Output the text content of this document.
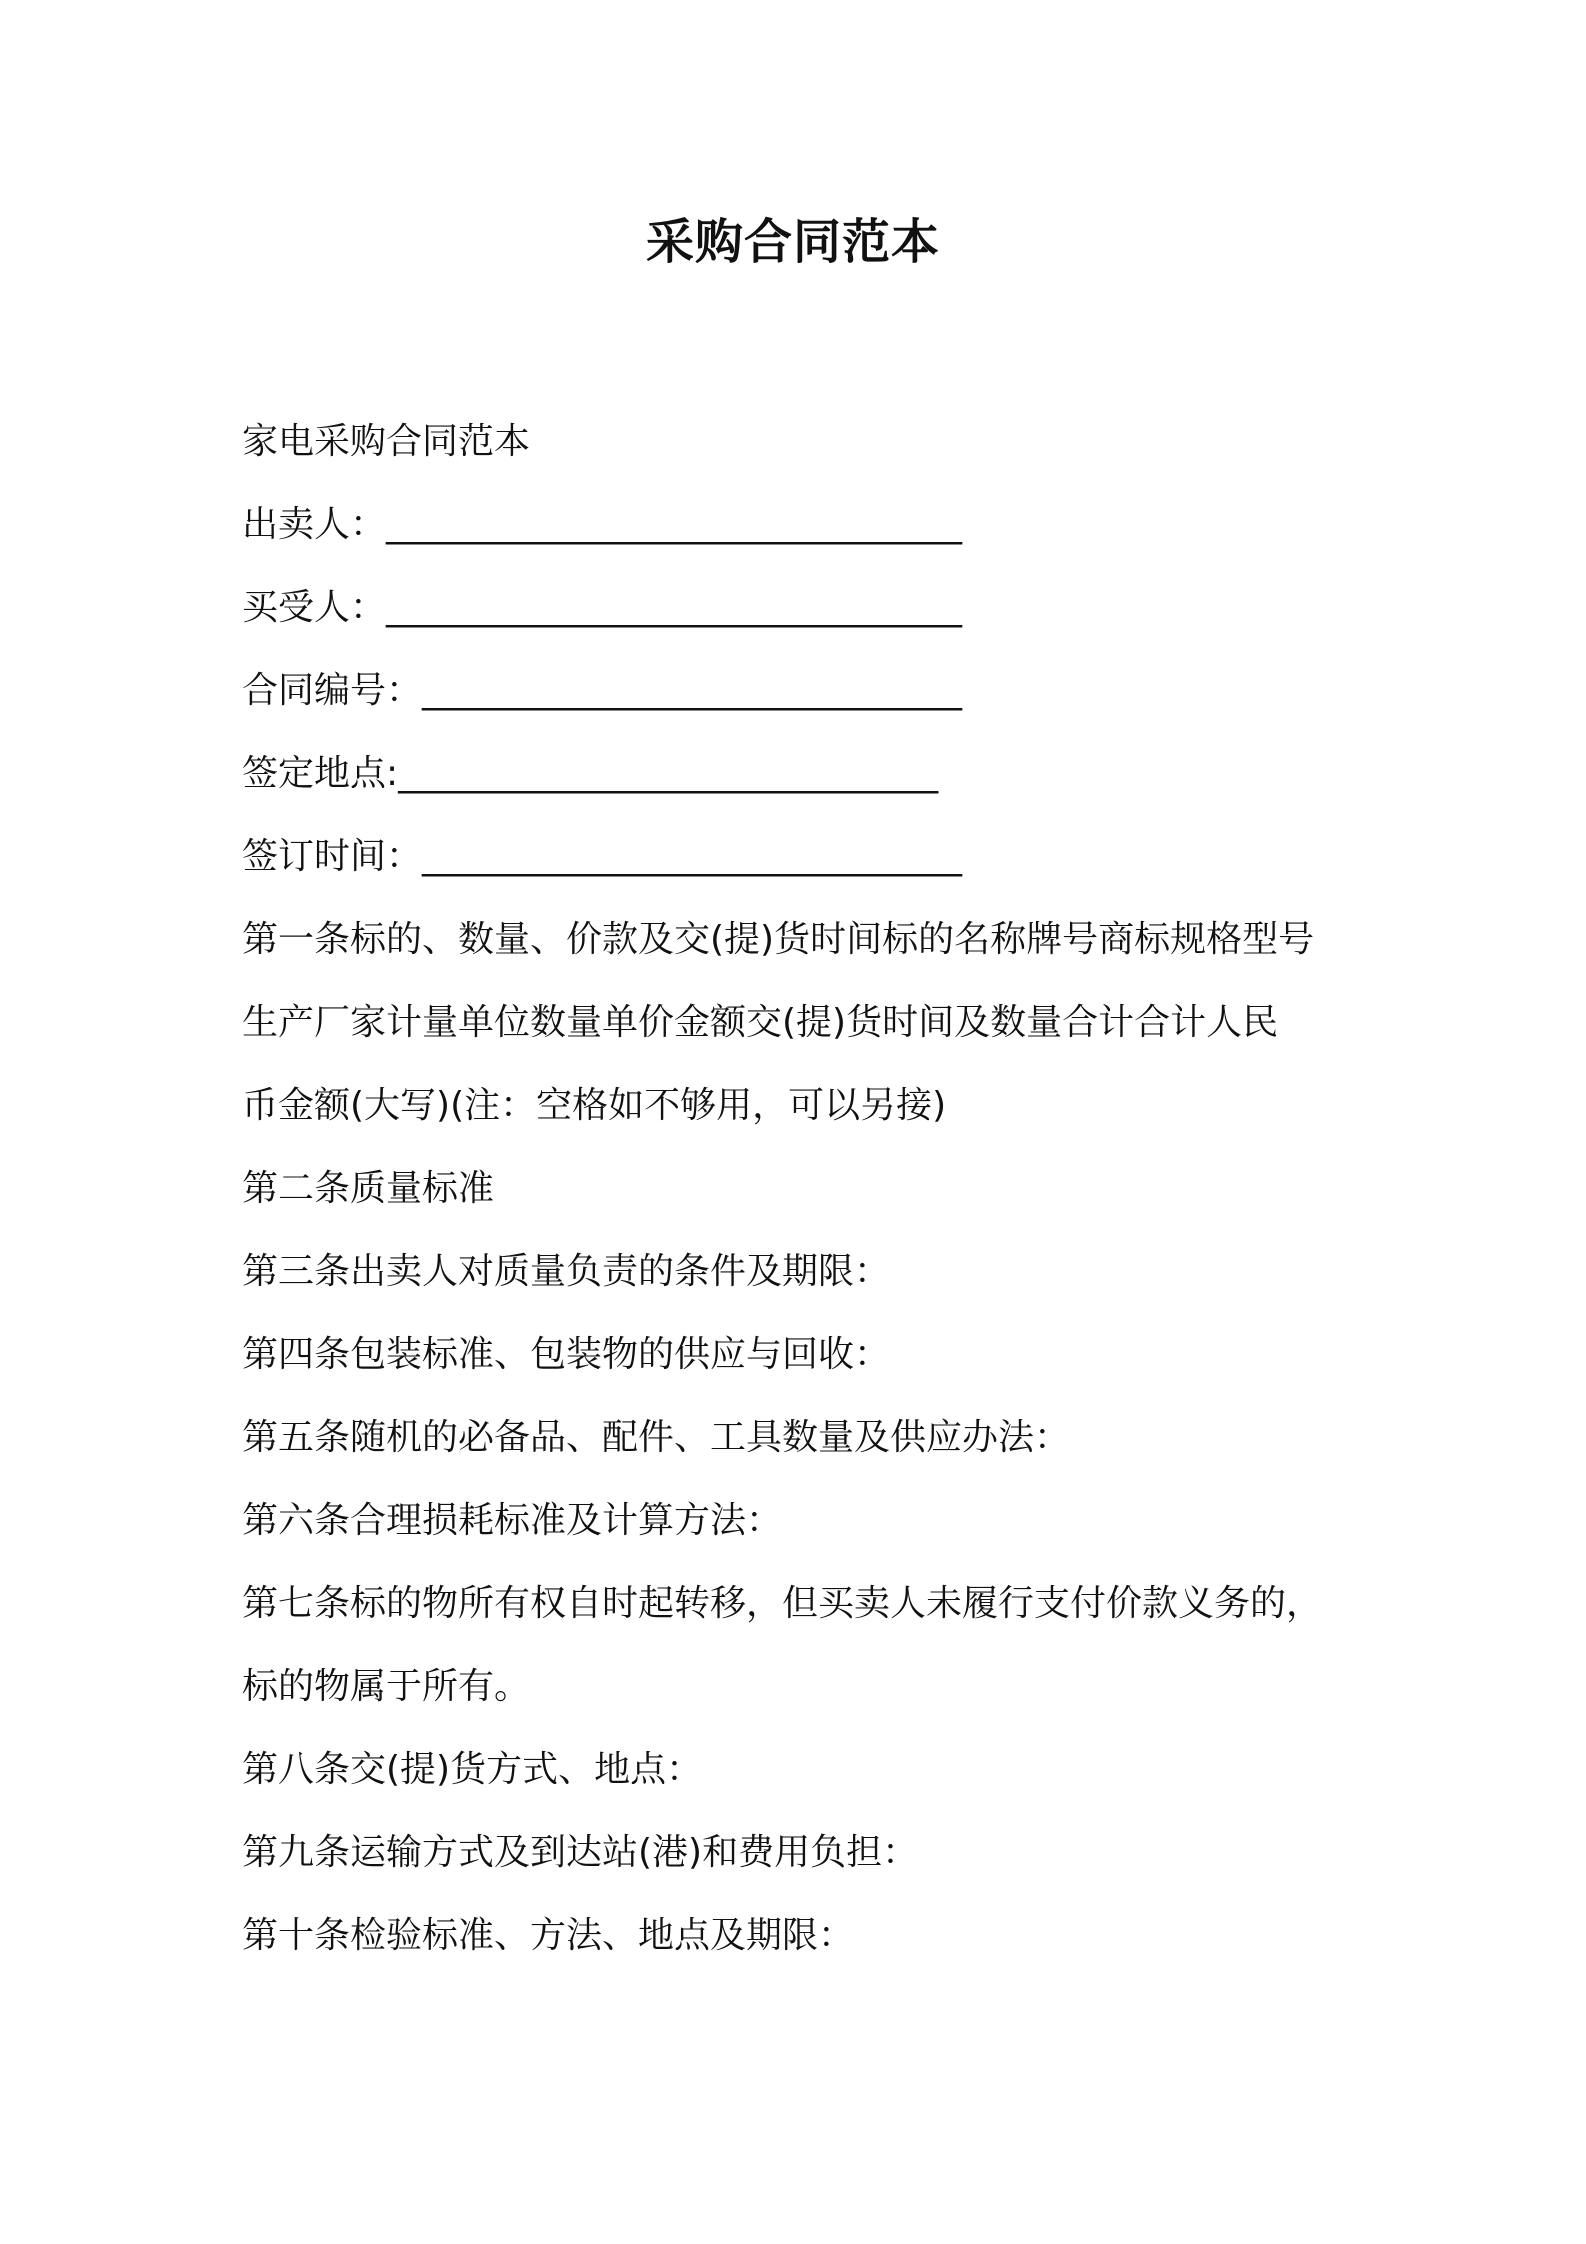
采购合同范本

家电采购合同范本

出卖人：________________________________

买受人：________________________________

合同编号：______________________________

签定地点:______________________________

签订时间：______________________________

第一条标的、数量、价款及交(提)货时间标的名称牌号商标规格型号

生产厂家计量单位数量单价金额交(提)货时间及数量合计合计人民

币金额(大写)(注：空格如不够用，可以另接)

第二条质量标准

第三条出卖人对质量负责的条件及期限：

第四条包装标准、包装物的供应与回收：

第五条随机的必备品、配件、工具数量及供应办法：

第六条合理损耗标准及计算方法：

第七条标的物所有权自时起转移，但买卖人未履行支付价款义务的，

标的物属于所有。

第八条交(提)货方式、地点：

第九条运输方式及到达站(港)和费用负担：

第十条检验标准、方法、地点及期限：
